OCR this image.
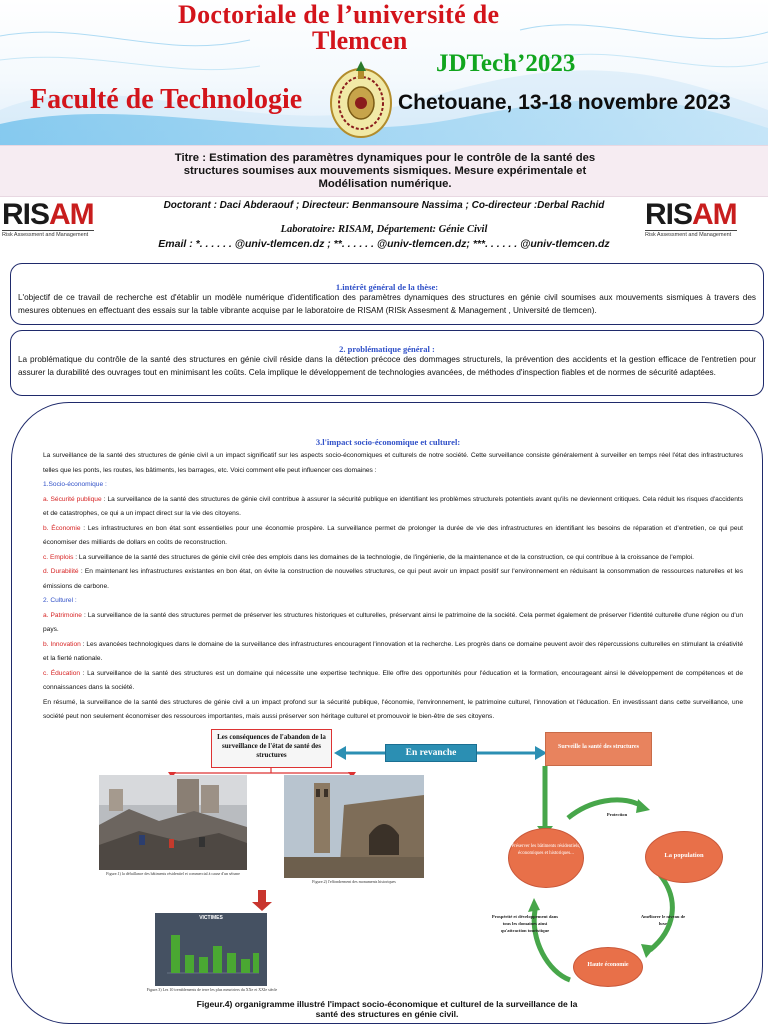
Doctoriale de l’université de
Tlemcen
Faculté de Technologie
JDTech’2023
Chetouane, 13-18 novembre 2023

Titre : Estimation des paramètres dynamiques pour le contrôle de la santé des structures soumises aux mouvements sismiques. Mesure expérimentale et Modélisation numérique.

RISAM
Risk Assessment and Management
RISAM
Risk Assessment and Management
Doctorant : Daci Abderaouf ; Directeur: Benmansoure Nassima ; Co-directeur :Derbal Rachid
Laboratoire: RISAM, Département: Génie Civil
Email : *. . . . . . @univ-tlemcen.dz ; **. . . . . . @univ-tlemcen.dz; ***. . . . . . @univ-tlemcen.dz
1.intérêt général de la thèse:

L'objectif de ce travail de recherche est d'établir un modèle numérique d'identification des paramètres dynamiques des structures en génie civil soumises aux mouvements sismiques à travers des mesures obtenues en effectuant des essais sur la table vibrante acquise par le laboratoire de RISAM (RISk Assesment & Management , Université de tlemcen).

2. problématique général :

La problématique du contrôle de la santé des structures en génie civil réside dans la détection précoce des dommages structurels, la prévention des accidents et la gestion efficace de l'entretien pour assurer la durabilité des ouvrages tout en minimisant les coûts. Cela implique le développement de technologies avancées, de méthodes d'inspection fiables et de normes de sécurité adaptées.

3.l'impact socio-économique et culturel:
La surveillance de la santé des structures de génie civil a un impact significatif sur les aspects socio-économiques et culturels de notre société. Cette surveillance consiste généralement à surveiller en temps réel l'état des infrastructures telles que les ponts, les routes, les bâtiments, les barrages, etc. Voici comment elle peut influencer ces domaines :
1.Socio-économique :
a. Sécurité publique : La surveillance de la santé des structures de génie civil contribue à assurer la sécurité publique en identifiant les problèmes structurels potentiels avant qu'ils ne deviennent critiques. Cela réduit les risques d'accidents et de catastrophes, ce qui a un impact direct sur la vie des citoyens.
b. Économie : Les infrastructures en bon état sont essentielles pour une économie prospère. La surveillance permet de prolonger la durée de vie des infrastructures en identifiant les besoins de réparation et d'entretien, ce qui peut économiser des milliards de dollars en coûts de reconstruction.
c. Emplois : La surveillance de la santé des structures de génie civil crée des emplois dans les domaines de la technologie, de l'ingénierie, de la maintenance et de la construction, ce qui contribue à la croissance de l'emploi.
d. Durabilité : En maintenant les infrastructures existantes en bon état, on évite la construction de nouvelles structures, ce qui peut avoir un impact positif sur l'environnement en réduisant la consommation de ressources naturelles et les émissions de carbone.
2. Culturel :
a. Patrimoine : La surveillance de la santé des structures permet de préserver les structures historiques et culturelles, préservant ainsi le patrimoine de la société. Cela permet également de préserver l'identité culturelle d'une région ou d'un pays.
b. Innovation : Les avancées technologiques dans le domaine de la surveillance des infrastructures encouragent l'innovation et la recherche. Les progrès dans ce domaine peuvent avoir des répercussions culturelles en stimulant la créativité et la fierté nationale.
c. Éducation : La surveillance de la santé des structures est un domaine qui nécessite une expertise technique. Elle offre des opportunités pour l'éducation et la formation, encourageant ainsi le développement de compétences et de connaissances dans la société.
En résumé, la surveillance de la santé des structures de génie civil a un impact profond sur la sécurité publique, l'économie, l'environnement, le patrimoine culturel, l'innovation et l'éducation. En investissant dans cette surveillance, une société peut non seulement économiser des ressources importantes, mais aussi préserver son héritage culturel et promouvoir le bien-être de ses citoyens.
Les conséquences de l'abandon de la surveillance de l'état de santé des structures	En revanche
Surveille la santé des structures
Figure.1) la défaillance des bâtiments résidentiel et commercial à cause d'un séisme
Figure.2) l'effondrement des monuments historiques
VICTIMES
Figure.3) Les 10 tremblements de terre les plus meurtriers du XXe et XXIe siècle
Protection
Préserver les bâtiments résidentiels, économiques et historiques...	La population
Prospérité et développement dans tous les domaines ainsi qu'attraction touristique
Améliorer le niveau de luxe
Haute économie
Figeur.4) organigramme illustré l'impact socio-économique et culturel de la surveillance de la santé des structures en génie civil.
